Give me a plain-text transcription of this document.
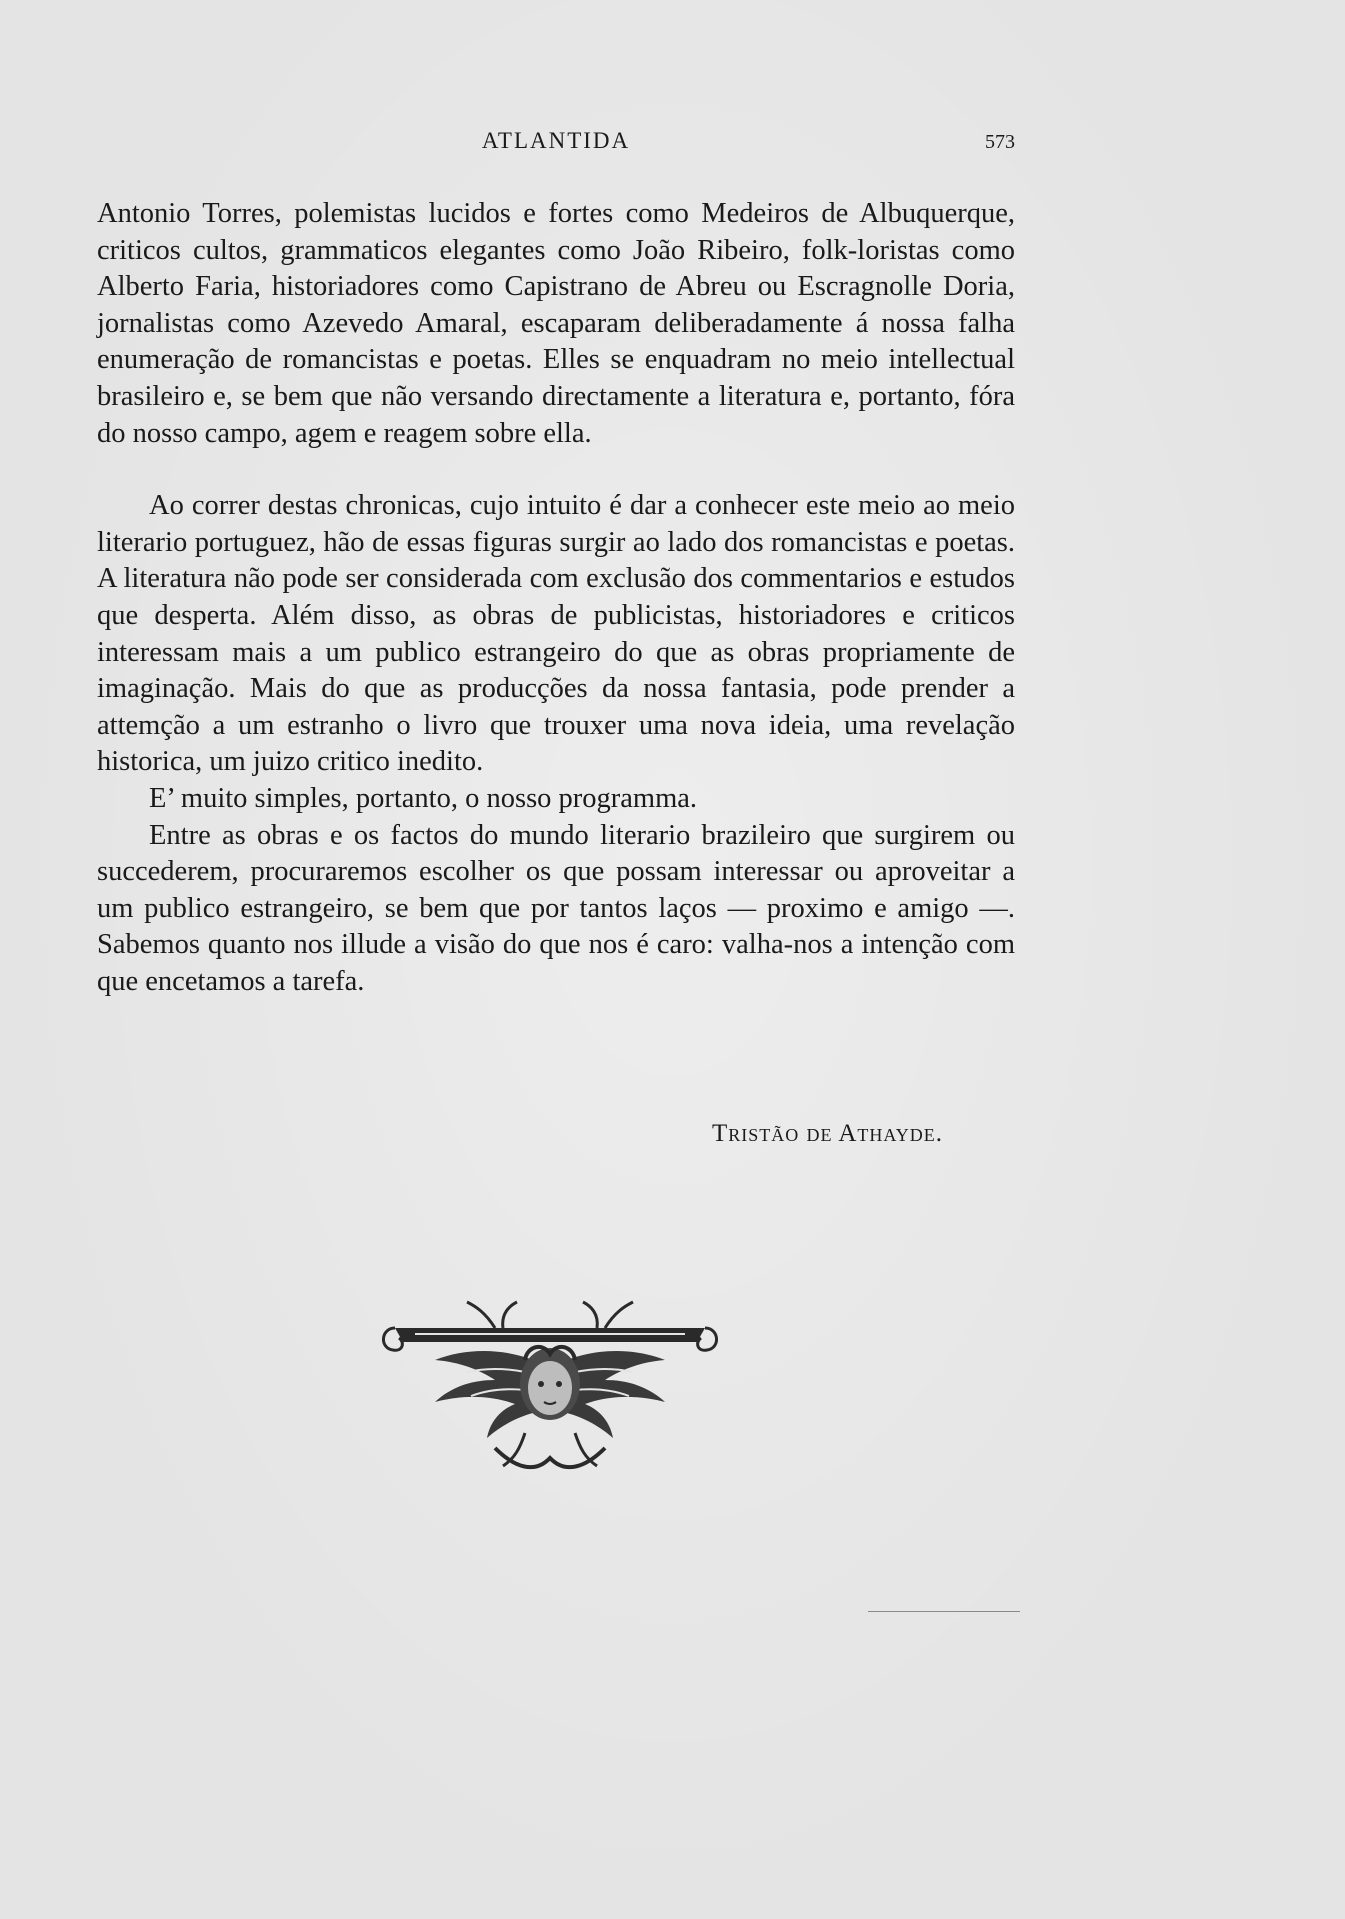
ATLANTIDA	573

Antonio Torres, polemistas lucidos e fortes como Medeiros de Albuquerque, criticos cultos, grammaticos elegantes como João Ribeiro, folk-loristas como Alberto Faria, historiadores como Capistrano de Abreu ou Escragnolle Doria, jornalistas como Azevedo Amaral, escaparam deliberadamente á nossa falha enumeração de romancistas e poetas. Elles se enquadram no meio intellectual brasileiro e, se bem que não versando directamente a literatura e, portanto, fóra do nosso campo, agem e reagem sobre ella.

Ao correr destas chronicas, cujo intuito é dar a conhecer este meio ao meio literario portuguez, hão de essas figuras surgir ao lado dos romancistas e poetas. A literatura não pode ser considerada com exclusão dos commentarios e estudos que desperta. Além disso, as obras de publicistas, historiadores e criticos interessam mais a um publico estrangeiro do que as obras propriamente de imaginação. Mais do que as producções da nossa fantasia, pode prender a attemção a um estranho o livro que trouxer uma nova ideia, uma revelação historica, um juizo critico inedito.

E’ muito simples, portanto, o nosso programma.

Entre as obras e os factos do mundo literario brazileiro que surgirem ou succederem, procuraremos escolher os que possam interessar ou aproveitar a um publico estrangeiro, se bem que por tantos laços — proximo e amigo —. Sabemos quanto nos illude a visão do que nos é caro: valha-nos a intenção com que encetamos a tarefa.

Tristão de Athayde.
